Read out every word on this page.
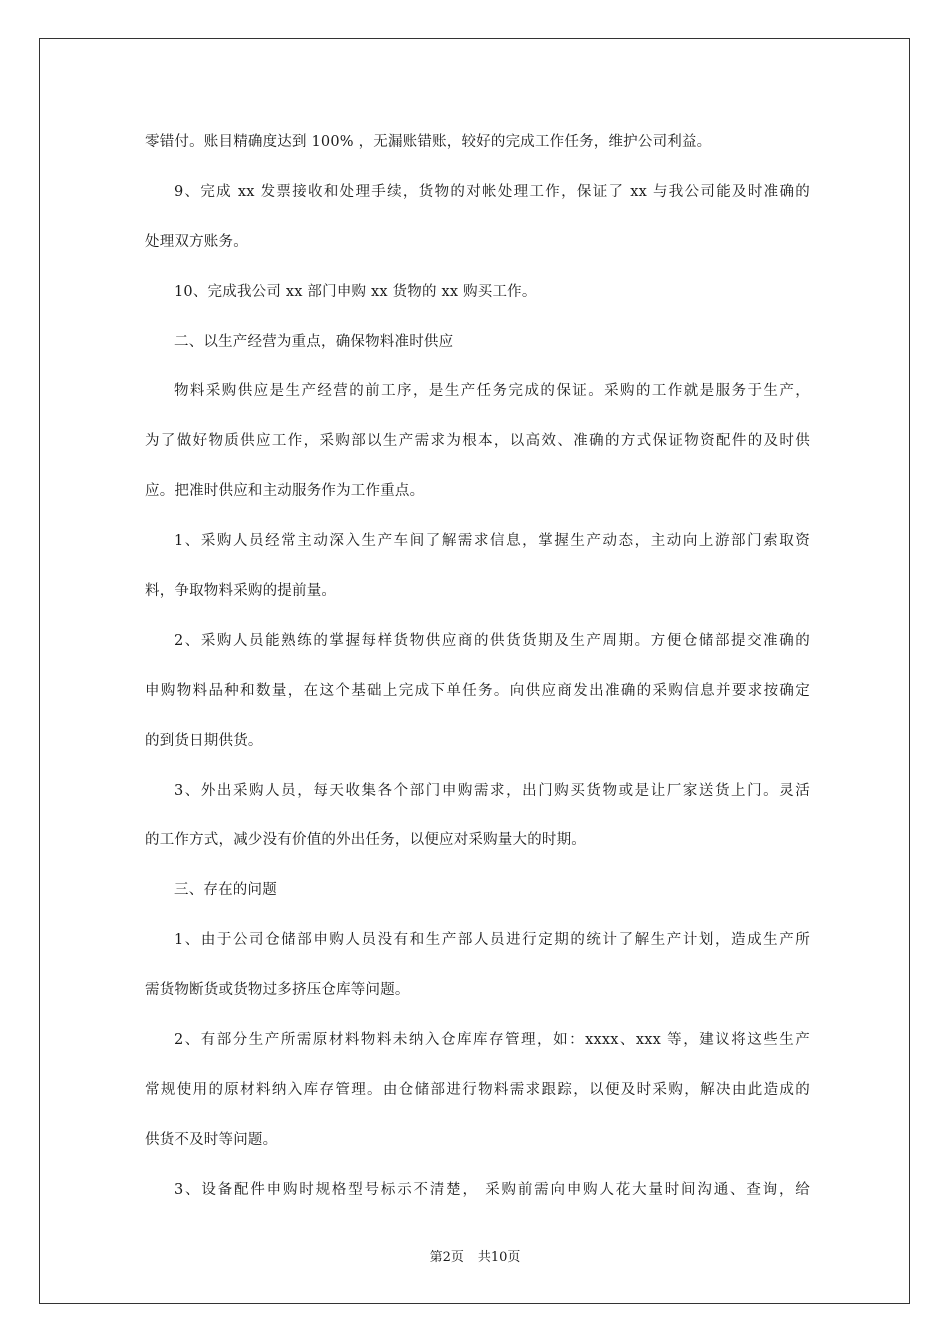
零错付。账目精确度达到 100% ，无漏账错账，较好的完成工作任务，维护公司利益。
9、完成 xx 发票接收和处理手续，货物的对帐处理工作，保证了 xx 与我公司能及时准确的
处理双方账务。
10、完成我公司 xx 部门申购 xx 货物的 xx 购买工作。
二、以生产经营为重点，确保物料准时供应
物料采购供应是生产经营的前工序，是生产任务完成的保证。采购的工作就是服务于生产，
为了做好物质供应工作，采购部以生产需求为根本，以高效、准确的方式保证物资配件的及时供
应。把准时供应和主动服务作为工作重点。
1、采购人员经常主动深入生产车间了解需求信息，掌握生产动态，主动向上游部门索取资
料，争取物料采购的提前量。
2、采购人员能熟练的掌握每样货物供应商的供货货期及生产周期。方便仓储部提交准确的
申购物料品种和数量，在这个基础上完成下单任务。向供应商发出准确的采购信息并要求按确定
的到货日期供货。
3、外出采购人员，每天收集各个部门申购需求，出门购买货物或是让厂家送货上门。灵活
的工作方式，减少没有价值的外出任务，以便应对采购量大的时期。
三、存在的问题
1、由于公司仓储部申购人员没有和生产部人员进行定期的统计了解生产计划，造成生产所
需货物断货或货物过多挤压仓库等问题。
2、有部分生产所需原材料物料未纳入仓库库存管理，如：xxxx、xxx 等，建议将这些生产
常规使用的原材料纳入库存管理。由仓储部进行物料需求跟踪，以便及时采购，解决由此造成的
供货不及时等问题。
3、设备配件申购时规格型号标示不清楚， 采购前需向申购人花大量时间沟通、查询，给
第2页 共10页
